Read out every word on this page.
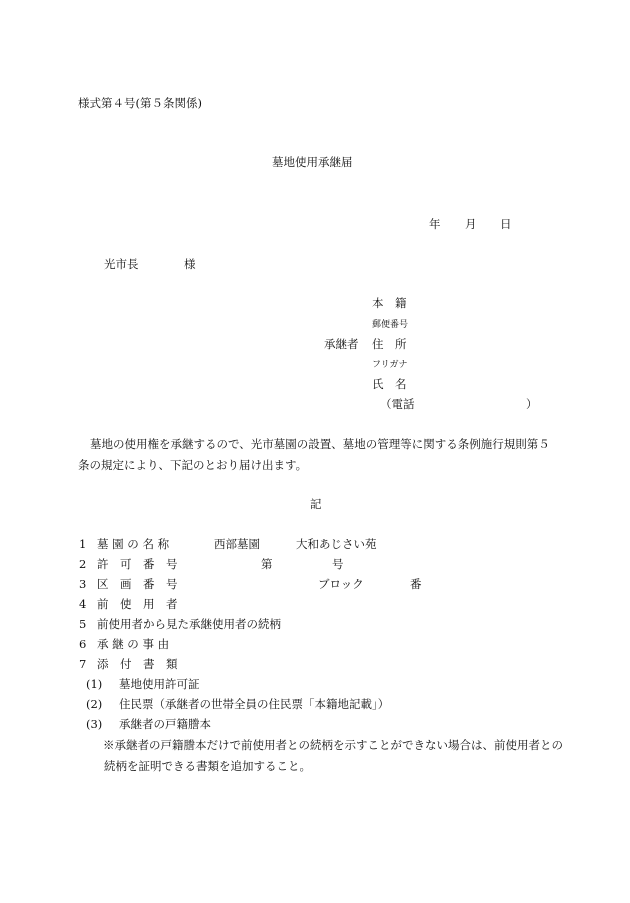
様式第４号(第５条関係)
墓地使用承継届
年 月 日
光市長	様
本　籍
郵便番号
承継者 住　所
フリガナ
氏　名
（電話	）
墓地の使用権を承継するので、光市墓園の設置、墓地の管理等に関する条例施行規則第５条の規定により、下記のとおり届け出ます。
記
1 墓 園 の 名 称	西部墓園	大和あじさい苑
2 許　可　番　号	第	号
3 区　画　番　号	ブロック	番
4 前　使　用　者
5 前使用者から見た承継使用者の続柄
6 承 継 の 事 由
7 添　付　書　類
(1) 墓地使用許可証
(2) 住民票（承継者の世帯全員の住民票「本籍地記載」）
(3) 承継者の戸籍謄本
※承継者の戸籍謄本だけで前使用者との続柄を示すことができない場合は、前使用者との続柄を証明できる書類を追加すること。
